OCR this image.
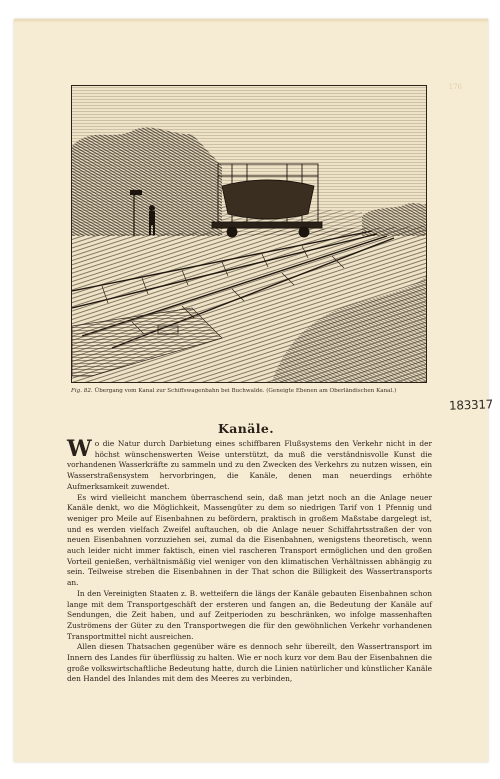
176
Fig. 82. Übergang vom Kanal zur Schiffswagenbahn bei Buchwalde. (Geneigte Ebenen am Oberländischen Kanal.)
183317
Kanäle.

Wo die Natur durch Darbietung eines schiffbaren Flußsystems den Verkehr nicht in der höchst wünschenswerten Weise unterstützt, da muß die verständnisvolle Kunst die vorhandenen Wasserkräfte zu sammeln und zu den Zwecken des Verkehrs zu nutzen wissen, ein Wasserstraßensystem hervorbringen, die Kanäle, denen man neuerdings erhöhte Aufmerksamkeit zuwendet.

Es wird vielleicht manchem überraschend sein, daß man jetzt noch an die Anlage neuer Kanäle denkt, wo die Möglichkeit, Massengüter zu dem so niedrigen Tarif von 1 Pfennig und weniger pro Meile auf Eisenbahnen zu befördern, praktisch in großem Maßstabe dargelegt ist, und es werden vielfach Zweifel auftauchen, ob die Anlage neuer Schiffahrtsstraßen der von neuen Eisenbahnen vorzuziehen sei, zumal da die Eisenbahnen, wenigstens theoretisch, wenn auch leider nicht immer faktisch, einen viel rascheren Transport ermöglichen und den großen Vorteil genießen, verhältnismäßig viel weniger von den klimatischen Verhältnissen abhängig zu sein. Teilweise streben die Eisenbahnen in der That schon die Billigkeit des Wassertransports an.

In den Vereinigten Staaten z. B. wetteifern die längs der Kanäle gebauten Eisenbahnen schon lange mit dem Transportgeschäft der ersteren und fangen an, die Bedeutung der Kanäle auf Sendungen, die Zeit haben, und auf Zeitperioden zu beschränken, wo infolge massenhaften Zuströmens der Güter zu den Transportwegen die für den gewöhnlichen Verkehr vorhandenen Transportmittel nicht ausreichen.

Allen diesen Thatsachen gegenüber wäre es dennoch sehr übereilt, den Wassertransport im Innern des Landes für überflüssig zu halten. Wie er noch kurz vor dem Bau der Eisenbahnen die große volkswirtschaftliche Bedeutung hatte, durch die Linien natürlicher und künstlicher Kanäle den Handel des Inlandes mit dem des Meeres zu verbinden,
